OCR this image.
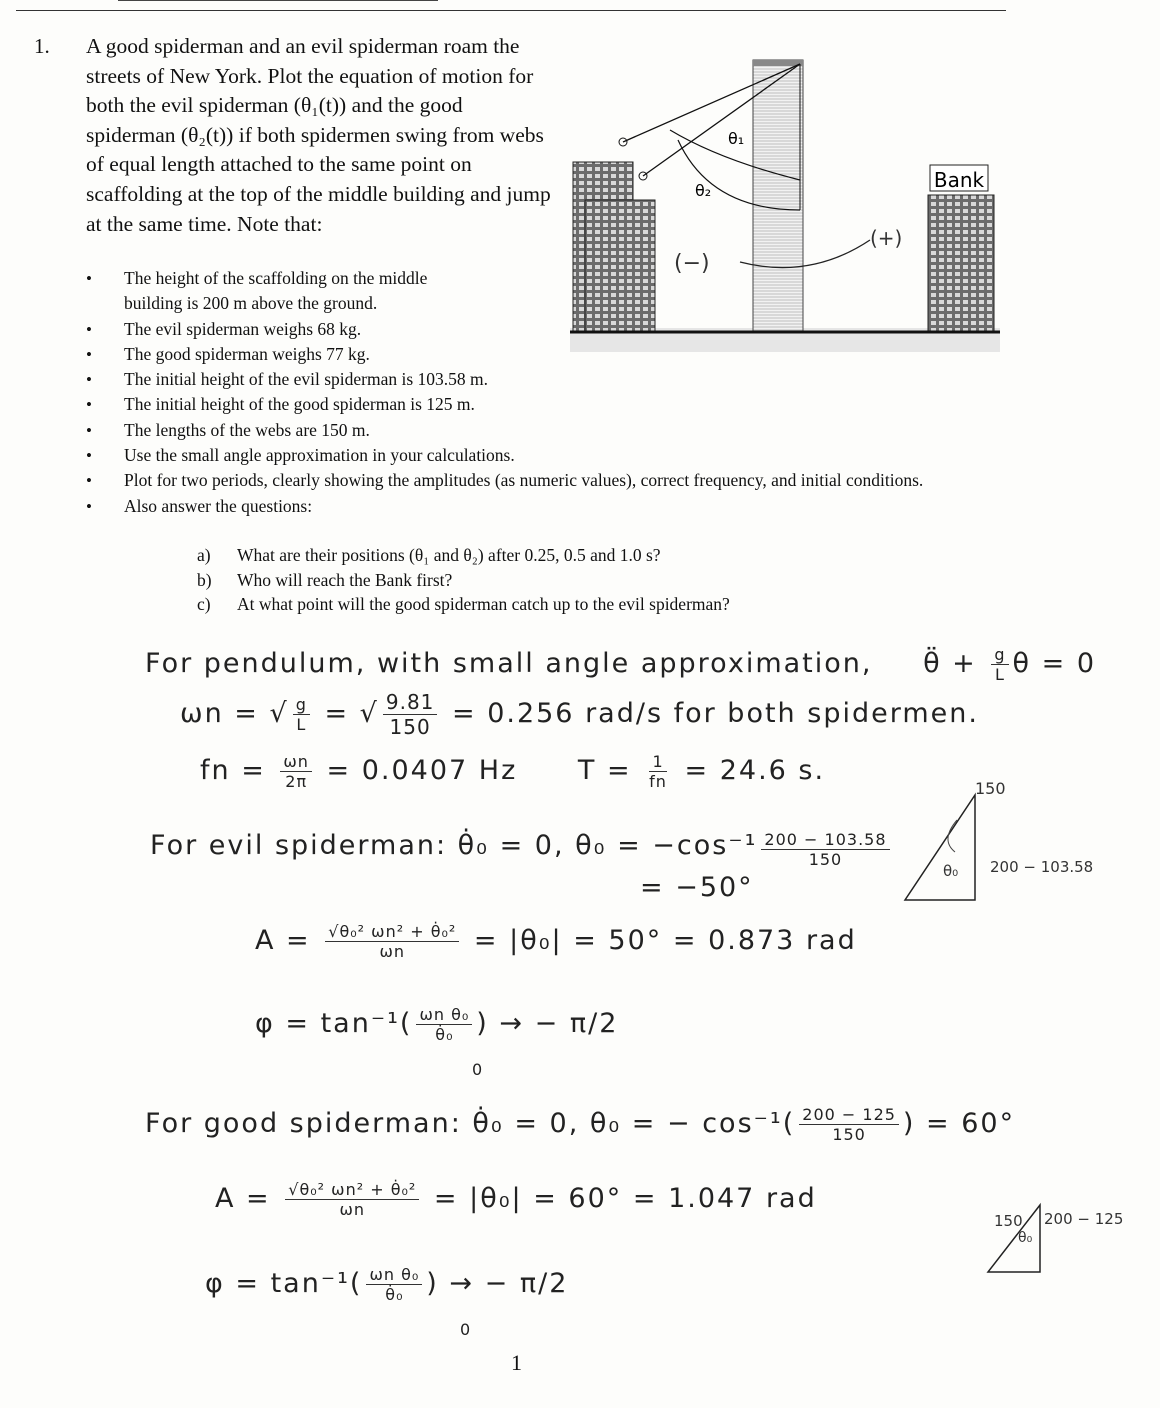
1. A good spiderman and an evil spiderman roam the streets of New York. Plot the equation of motion for both the evil spiderman (θ₁(t)) and the good spiderman (θ₂(t)) if both spidermen swing from webs of equal length attached to the same point on scaffolding at the top of the middle building and jump at the same time. Note that:
• The height of the scaffolding on the middle building is 200 m above the ground.
• The evil spiderman weighs 68 kg.
• The good spiderman weighs 77 kg.
• The initial height of the evil spiderman is 103.58 m.
• The initial height of the good spiderman is 125 m.
• The lengths of the webs are 150 m.
• Use the small angle approximation in your calculations.
• Plot for two periods, clearly showing the amplitudes (as numeric values), correct frequency, and initial conditions.
• Also answer the questions:
a)	What are their positions (θ₁ and θ₂) after 0.25, 0.5 and 1.0 s?
b)	Who will reach the Bank first?
c)	At what point will the good spiderman catch up to the evil spiderman?
Bank
θ₁
θ₂
(−)
(+)
For pendulum, with small angle approximation, θ̈ + $\frac{g}{L}$ θ = 0
ωn = √ $\frac{g}{L}$ = √ $\frac{9.81}{150} = 0.256$ rad/s for both spidermen.
fn = $\frac{\omega n}{2\pi} = 0.0407$ Hz $T = \frac{1}{fn} = 24.6$ s.
For evil spiderman: θ̇₀ = 0, $\theta_0 = -\cos^{-1} \frac{200 - 103.58}{150}$
= −50°
150
200 − 103.58
θ₀
$A = \frac{\text{√θ₀² ωn² + θ̇₀²}}{\omega n} = |\theta_0| = 50^\circ = 0.873$ rad
$\varphi = \tan^{-1}( \frac{\text{ωn θ₀}}{\text{θ̇₀}}$ ) → − π/2
0
For good spiderman: θ̇₀ = 0, θ₀ = − $\cos^{-1}( \frac{200 - 125}{150}$ ) = 60°
$A = \frac{\text{√θ₀² ωn² + θ̇₀²}}{\omega n} = |\theta_0| = 60^\circ = 1.047$ rad
150 200 − 125
θ₀
$\varphi = \tan^{-1}( \frac{\text{ωn θ₀}}{\text{θ̇₀}}$ ) → − π/2
0
1
